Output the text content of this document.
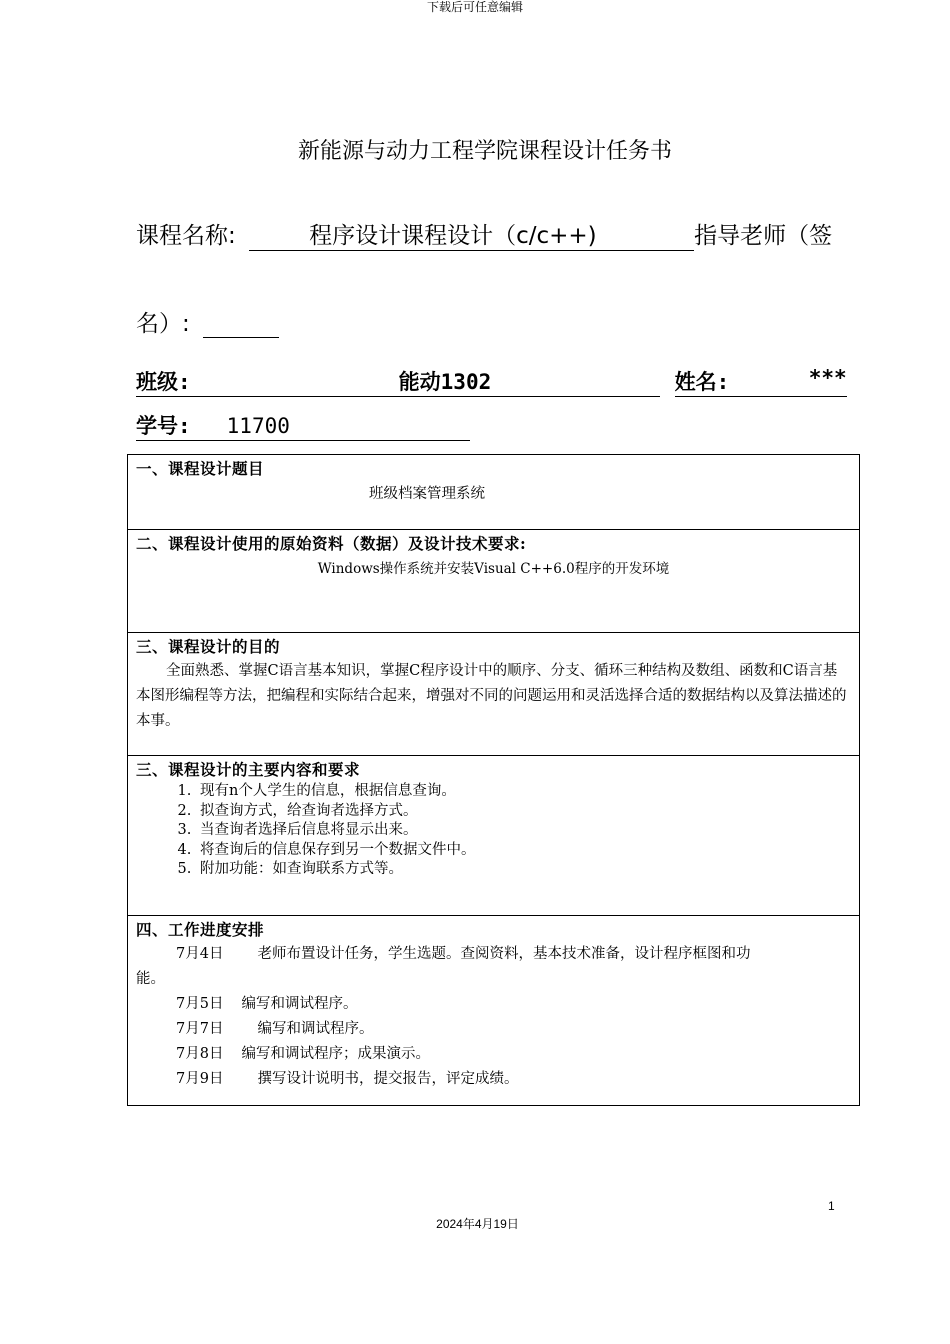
下载后可任意编辑
新能源与动力工程学院课程设计任务书
课程名称:	程序设计课程设计（c/c++)	指导老师（签
名）:
班级:	能动1302	姓名:	***
学号: 11700
一、课程设计题目
班级档案管理系统

二、课程设计使用的原始资料（数据）及设计技术要求:
Windows操作系统并安装Visual C++6.0程序的开发环境

三、课程设计的目的
全面熟悉、掌握C语言基本知识，掌握C程序设计中的顺序、分支、循环三种结构及数组、函数和C语言基本图形编程等方法，把编程和实际结合起来，增强对不同的问题运用和灵活选择合适的数据结构以及算法描述的本事。

三、课程设计的主要内容和要求
1. 现有n个人学生的信息，根据信息查询。
2. 拟查询方式，给查询者选择方式。
3. 当查询者选择后信息将显示出来。
4. 将查询后的信息保存到另一个数据文件中。
5. 附加功能：如查询联系方式等。

四、工作进度安排
7月4日 老师布置设计任务，学生选题。查阅资料，基本技术准备，设计程序框图和功
能。
7月5日 编写和调试程序。
7月7日 编写和调试程序。
7月8日 编写和调试程序；成果演示。
7月9日 撰写设计说明书，提交报告，评定成绩。
1
2024年4月19日
